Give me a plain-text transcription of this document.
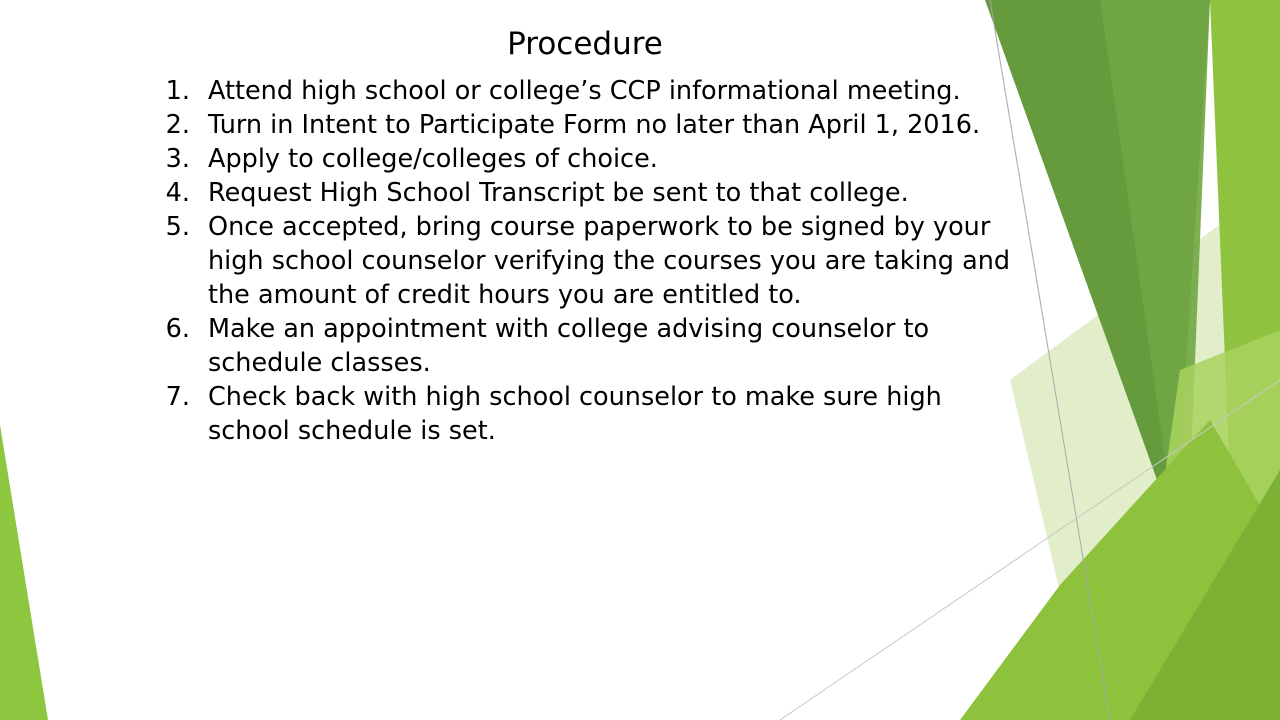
Procedure
1. Attend high school or college’s CCP informational meeting.
2. Turn in Intent to Participate Form no later than April 1, 2016.
3. Apply to college/colleges of choice.
4. Request High School Transcript be sent to that college.
5. Once accepted, bring course paperwork to be signed by your high school counselor verifying the courses you are taking and the amount of credit hours you are entitled to.
6. Make an appointment with college advising counselor to schedule classes.
7. Check back with high school counselor to make sure high school schedule is set.
